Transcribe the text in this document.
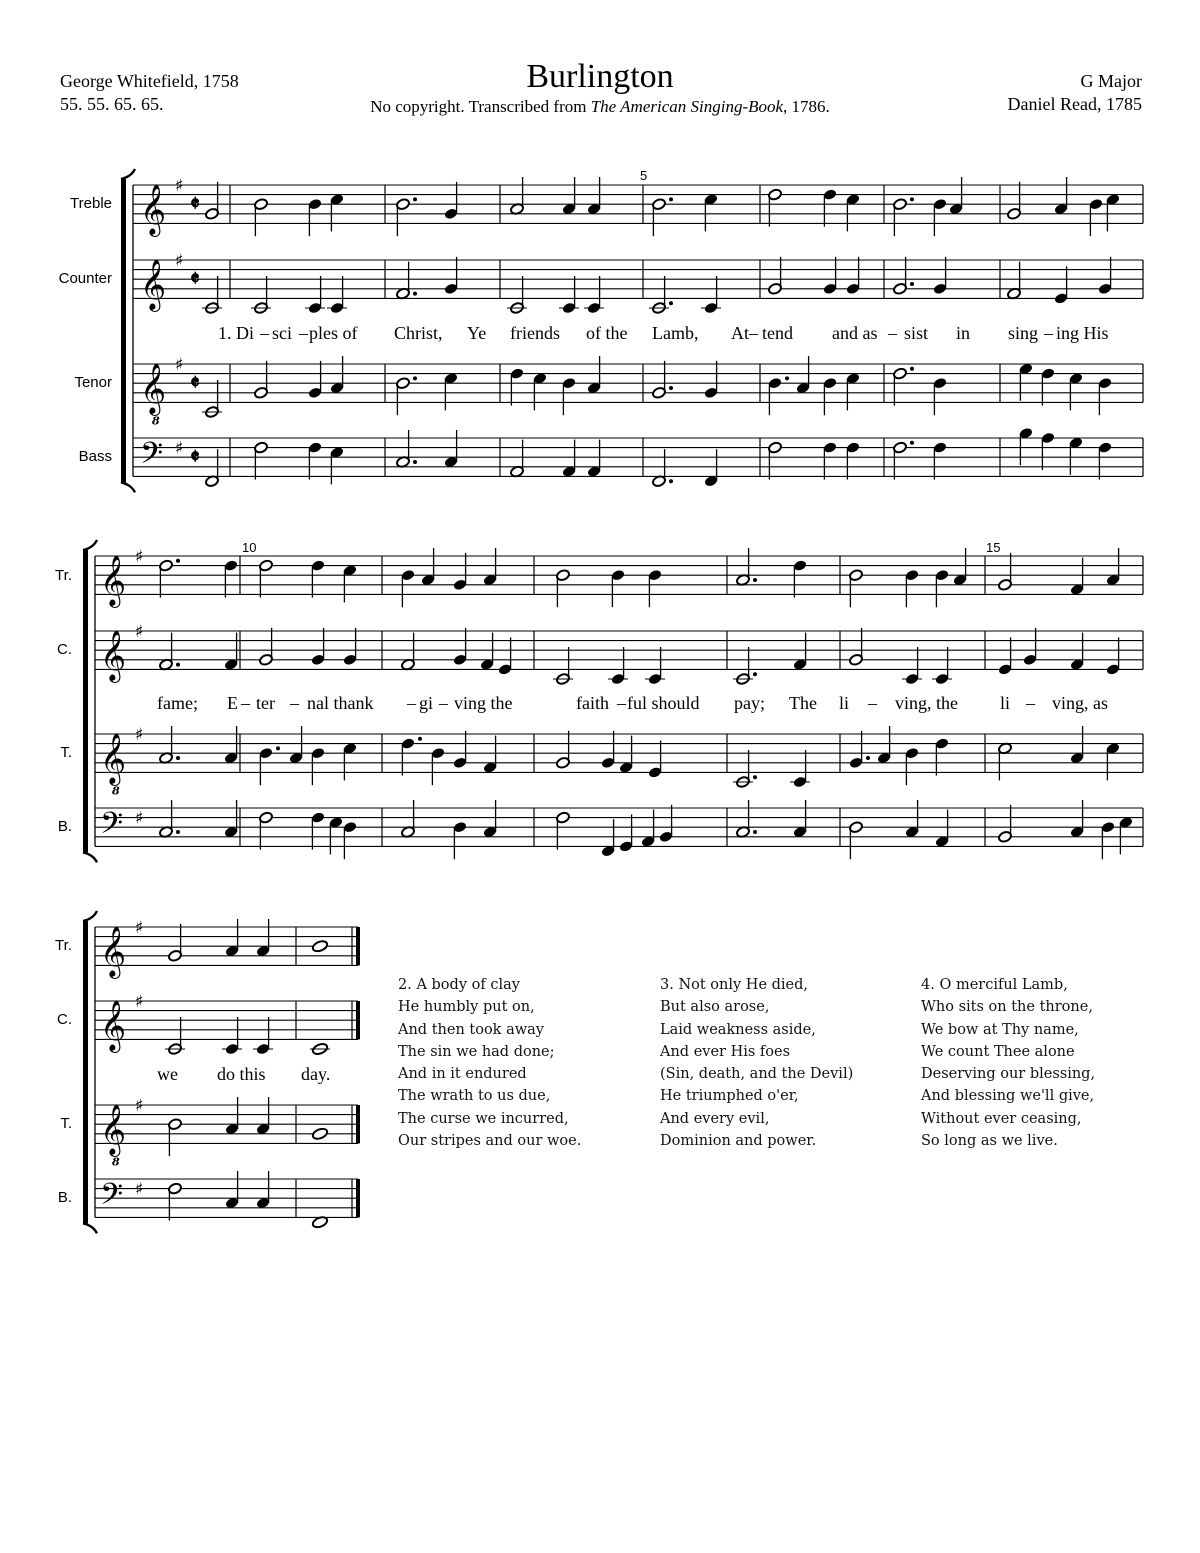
Burlington
No copyright. Transcribed from The American Singing-Book, 1786.
George Whitefield, 1758
55. 55. 65. 65.
G Major
Daniel Read, 1785
Treble
Counter
Tenor
Bass
Tr.
C.
T.
B.
Tr.
C.
T.
B.
5
10	15
1. Di – sci – ples of Christ, Ye friends of the Lamb, At – tend and as – sist in sing – ing His
fame; E – ter – nal thank – gi – ving the	faith – ful should pay; The li – ving, the li – ving, as
we do this day.
2. A body of clay
He humbly put on,
And then took away
The sin we had done;
And in it endured
The wrath to us due,
The curse we incurred,
Our stripes and our woe.
3. Not only He died,
But also arose,
Laid weakness aside,
And ever His foes
(Sin, death, and the Devil)
He triumphed o'er,
And every evil,
Dominion and power.
4. O merciful Lamb,
Who sits on the throne,
We bow at Thy name,
We count Thee alone
Deserving our blessing,
And blessing we'll give,
Without ever ceasing,
So long as we live.
𝄞 ♯
𝄵
𝄞 ♯
𝄵
𝄞
8
♯
𝄵
𝄢 ♯ 𝄵
𝄞 ♯
𝄞 ♯
𝄞
8
♯
𝄢 ♯
𝄞 ♯
𝄞 ♯
𝄞
8
♯
𝄢 ♯
